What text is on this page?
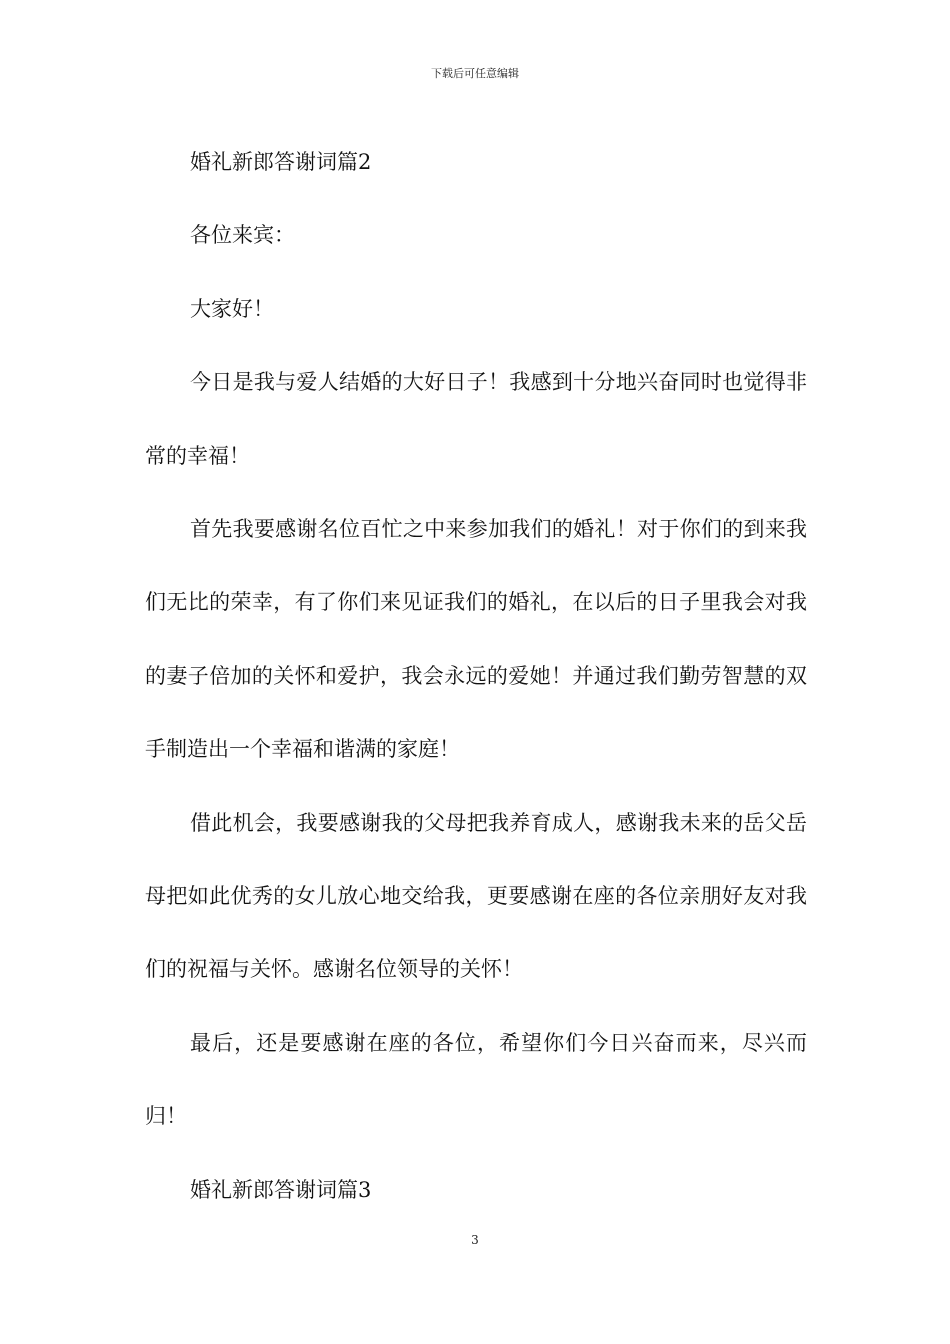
下载后可任意编辑

婚礼新郎答谢词篇2

各位来宾：

大家好！

今日是我与爱人结婚的大好日子！我感到十分地兴奋同时也觉得非常的幸福！

首先我要感谢名位百忙之中来参加我们的婚礼！对于你们的到来我们无比的荣幸，有了你们来见证我们的婚礼，在以后的日子里我会对我的妻子倍加的关怀和爱护，我会永远的爱她！并通过我们勤劳智慧的双手制造出一个幸福和谐满的家庭！

借此机会，我要感谢我的父母把我养育成人，感谢我未来的岳父岳母把如此优秀的女儿放心地交给我，更要感谢在座的各位亲朋好友对我们的祝福与关怀。感谢名位领导的关怀！

最后，还是要感谢在座的各位，希望你们今日兴奋而来，尽兴而归！

婚礼新郎答谢词篇3

3
